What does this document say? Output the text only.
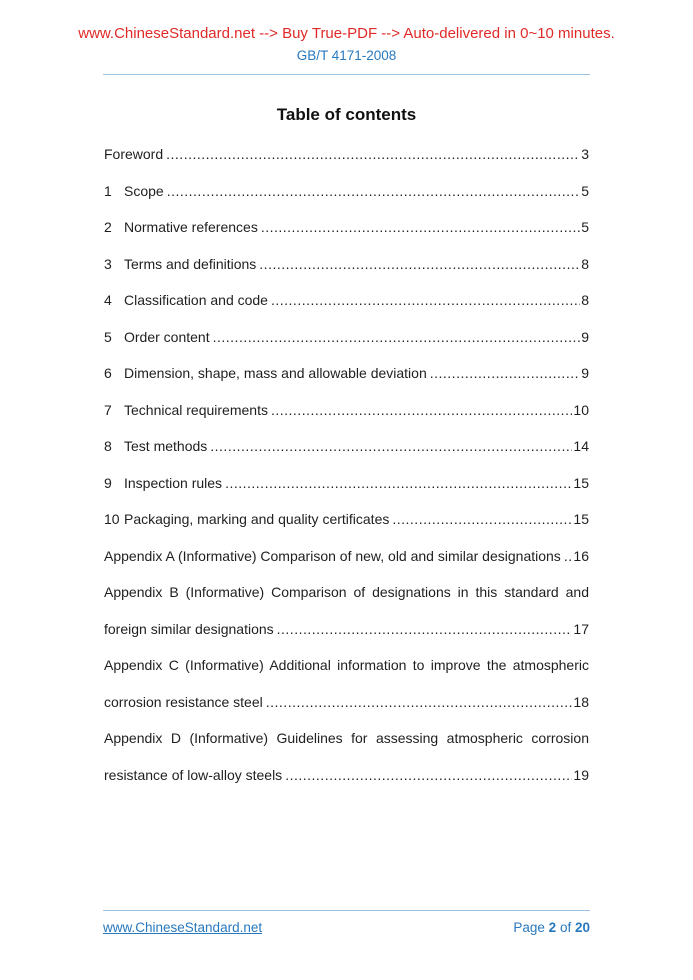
www.ChineseStandard.net --> Buy True-PDF --> Auto-delivered in 0~10 minutes.
GB/T 4171-2008
Table of contents
Foreword .....	3
1 Scope .....	5
2 Normative references .....	5
3 Terms and definitions .....	8
4 Classification and code .....	8
5 Order content .....	9
6 Dimension, shape, mass and allowable deviation .....	9
7 Technical requirements .....	10
8 Test methods .....	14
9 Inspection rules .....	15
10 Packaging, marking and quality certificates .....	15
Appendix A (Informative) Comparison of new, old and similar designations ..... 16
Appendix B (Informative) Comparison of designations in this standard and
foreign similar designations .....	17
Appendix C (Informative) Additional information to improve the atmospheric
corrosion resistance steel .....	18
Appendix D (Informative) Guidelines for assessing atmospheric corrosion
resistance of low-alloy steels .....	19
www.ChineseStandard.net	Page 2 of 20
